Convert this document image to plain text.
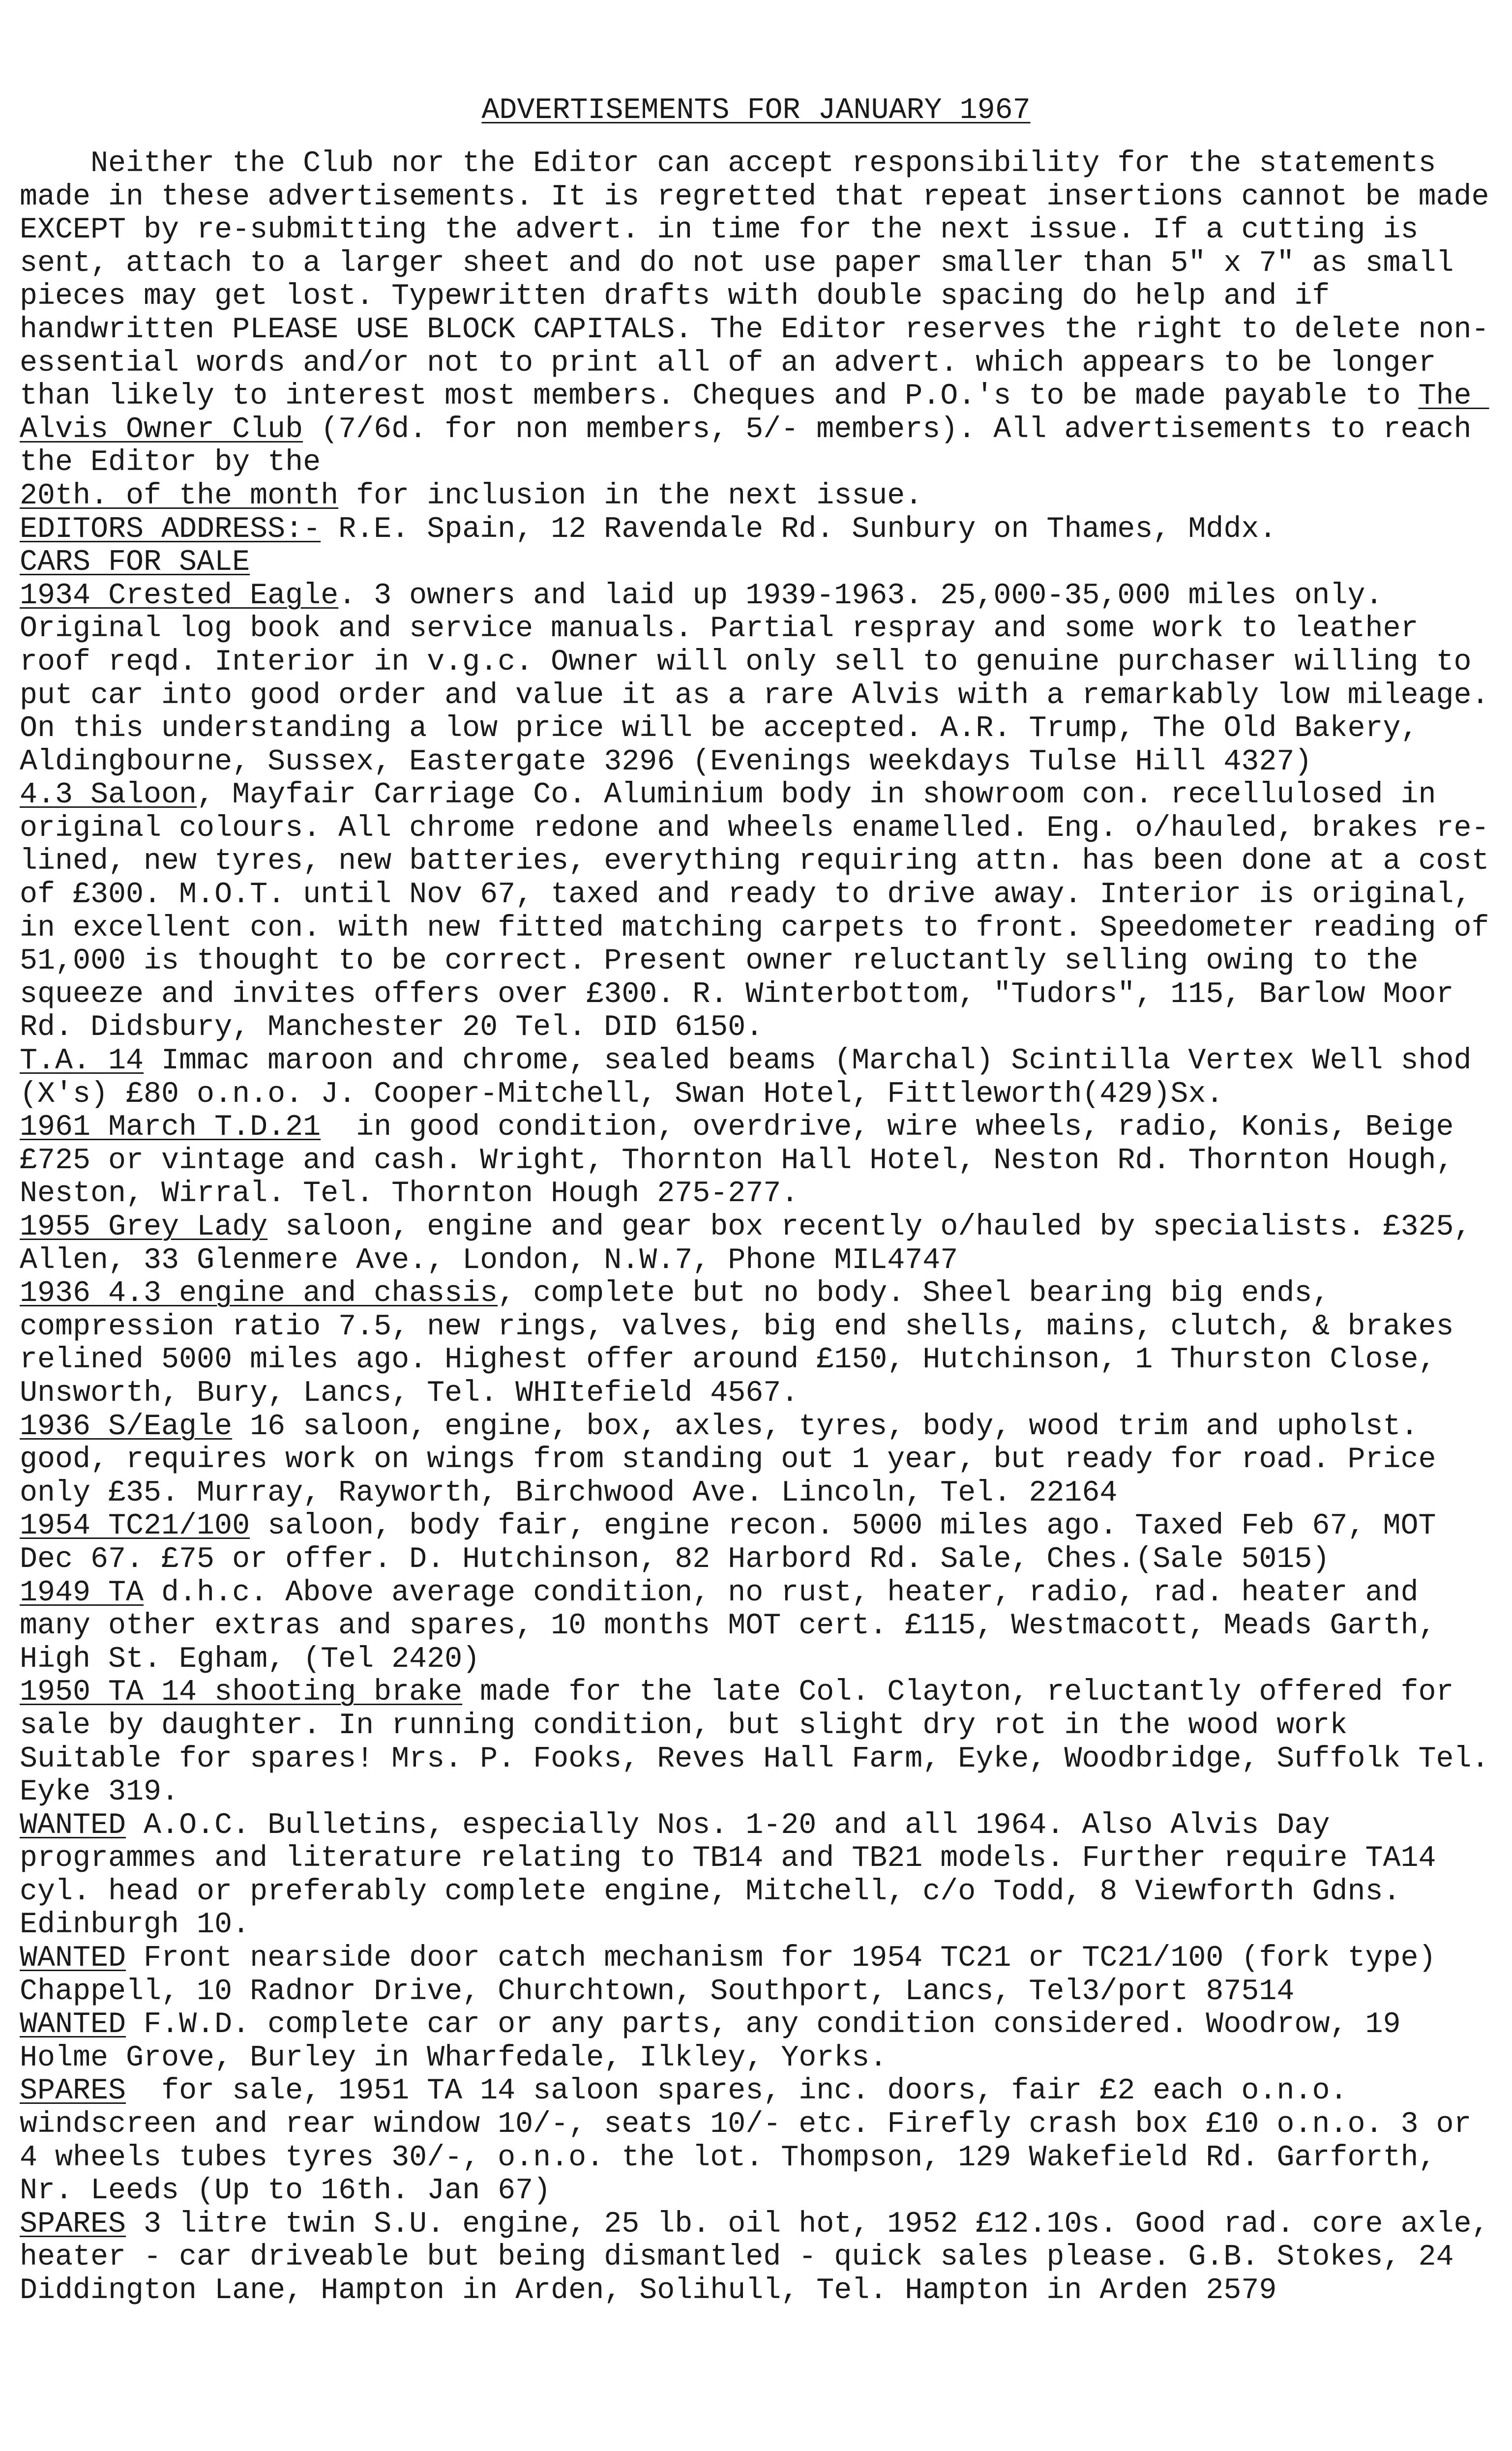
ADVERTISEMENTS FOR JANUARY 1967

Neither the Club nor the Editor can accept responsibility for the statements made in these advertisements. It is regretted that repeat insertions cannot be made EXCEPT by re-submitting the advert. in time for the next issue. If a cutting is sent, attach to a larger sheet and do not use paper smaller than 5" x 7" as small pieces may get lost. Typewritten drafts with double spacing do help and if handwritten PLEASE USE BLOCK CAPITALS. The Editor reserves the right to delete non-essential words and/or not to print all of an advert. which appears to be longer than likely to interest most members. Cheques and P.O.'s to be made payable to The Alvis Owner Club (7/6d. for non members, 5/- members). All advertisements to reach the Editor by the

20th. of the month for inclusion in the next issue.

EDITORS ADDRESS:- R.E. Spain, 12 Ravendale Rd. Sunbury on Thames, Mddx.

CARS FOR SALE

1934 Crested Eagle. 3 owners and laid up 1939-1963. 25,000-35,000 miles only. Original log book and service manuals. Partial respray and some work to leather roof reqd. Interior in v.g.c. Owner will only sell to genuine purchaser willing to put car into good order and value it as a rare Alvis with a remarkably low mileage. On this understanding a low price will be accepted. A.R. Trump, The Old Bakery, Aldingbourne, Sussex, Eastergate 3296 (Evenings weekdays Tulse Hill 4327)

4.3 Saloon, Mayfair Carriage Co. Aluminium body in showroom con. recellulosed in original colours. All chrome redone and wheels enamelled. Eng. o/hauled, brakes re-lined, new tyres, new batteries, everything requiring attn. has been done at a cost of £300. M.O.T. until Nov 67, taxed and ready to drive away. Interior is original, in excellent con. with new fitted matching carpets to front. Speedometer reading of 51,000 is thought to be correct. Present owner reluctantly selling owing to the squeeze and invites offers over £300. R. Winterbottom, "Tudors", 115, Barlow Moor Rd. Didsbury, Manchester 20 Tel. DID 6150.

T.A. 14 Immac maroon and chrome, sealed beams (Marchal) Scintilla Vertex Well shod (X's) £80 o.n.o. J. Cooper-Mitchell, Swan Hotel, Fittleworth(429)Sx.

1961 March T.D.21  in good condition, overdrive, wire wheels, radio, Konis, Beige £725 or vintage and cash. Wright, Thornton Hall Hotel, Neston Rd. Thornton Hough, Neston, Wirral. Tel. Thornton Hough 275-277.

1955 Grey Lady saloon, engine and gear box recently o/hauled by specialists. £325, Allen, 33 Glenmere Ave., London, N.W.7, Phone MIL4747

1936 4.3 engine and chassis, complete but no body. Sheel bearing big ends, compression ratio 7.5, new rings, valves, big end shells, mains, clutch, & brakes relined 5000 miles ago. Highest offer around £150, Hutchinson, 1 Thurston Close, Unsworth, Bury, Lancs, Tel. WHItefield 4567.

1936 S/Eagle 16 saloon, engine, box, axles, tyres, body, wood trim and upholst. good, requires work on wings from standing out 1 year, but ready for road. Price only £35. Murray, Rayworth, Birchwood Ave. Lincoln, Tel. 22164

1954 TC21/100 saloon, body fair, engine recon. 5000 miles ago. Taxed Feb 67, MOT Dec 67. £75 or offer. D. Hutchinson, 82 Harbord Rd. Sale, Ches.(Sale 5015)

1949 TA d.h.c. Above average condition, no rust, heater, radio, rad. heater and many other extras and spares, 10 months MOT cert. £115, Westmacott, Meads Garth, High St. Egham, (Tel 2420)

1950 TA 14 shooting brake made for the late Col. Clayton, reluctantly offered for sale by daughter. In running condition, but slight dry rot in the wood work Suitable for spares! Mrs. P. Fooks, Reves Hall Farm, Eyke, Woodbridge, Suffolk Tel. Eyke 319.

WANTED A.O.C. Bulletins, especially Nos. 1-20 and all 1964. Also Alvis Day programmes and literature relating to TB14 and TB21 models. Further require TA14 cyl. head or preferably complete engine, Mitchell, c/o Todd, 8 Viewforth Gdns. Edinburgh 10.

WANTED Front nearside door catch mechanism for 1954 TC21 or TC21/100 (fork type) Chappell, 10 Radnor Drive, Churchtown, Southport, Lancs, Tel3/port 87514

WANTED F.W.D. complete car or any parts, any condition considered. Woodrow, 19 Holme Grove, Burley in Wharfedale, Ilkley, Yorks.

SPARES  for sale, 1951 TA 14 saloon spares, inc. doors, fair £2 each o.n.o. windscreen and rear window 10/-, seats 10/- etc. Firefly crash box £10 o.n.o. 3 or 4 wheels tubes tyres 30/-, o.n.o. the lot. Thompson, 129 Wakefield Rd. Garforth, Nr. Leeds (Up to 16th. Jan 67)

SPARES 3 litre twin S.U. engine, 25 lb. oil hot, 1952 £12.10s. Good rad. core axle, heater - car driveable but being dismantled - quick sales please. G.B. Stokes, 24 Diddington Lane, Hampton in Arden, Solihull, Tel. Hampton in Arden 2579
